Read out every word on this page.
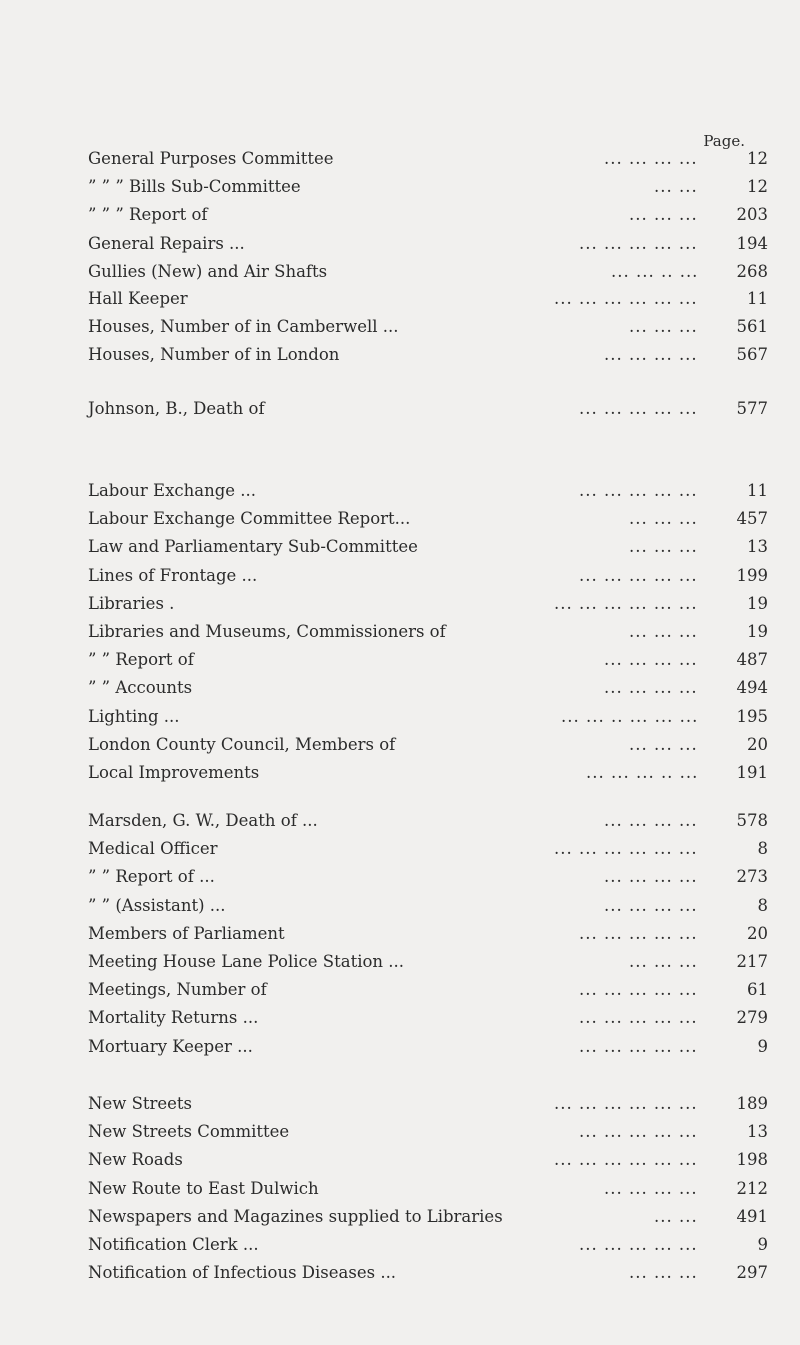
Page.
General Purposes Committee	... ... ... ...	12
” ” ” Bills Sub-Committee	... ...	12
” ” ” Report of	... ... ...	203
General Repairs ...	... ... ... ... ...	194
Gullies (New) and Air Shafts	... ... .. ...	268
Hall Keeper	... ... ... ... ... ...	11
Houses, Number of in Camberwell ...	... ... ...	561
Houses, Number of in London	... ... ... ...	567
Johnson, B., Death of	... ... ... ... ...	577
Labour Exchange ...	... ... ... ... ...	11
Labour Exchange Committee Report...	... ... ...	457
Law and Parliamentary Sub-Committee	... ... ...	13
Lines of Frontage ...	... ... ... ... ...	199
Libraries .	... ... ... ... ... ...	19
Libraries and Museums, Commissioners of	... ... ...	19
” ” Report of	... ... ... ...	487
” ” Accounts	... ... ... ...	494
Lighting ...	... ... .. ... ... ...	195
London County Council, Members of	... ... ...	20
Local Improvements	... ... ... .. ...	191
Marsden, G. W., Death of ...	... ... ... ...	578
Medical Officer	... ... ... ... ... ...	8
” ” Report of ...	... ... ... ...	273
” ” (Assistant) ...	... ... ... ...	8
Members of Parliament	... ... ... ... ...	20
Meeting House Lane Police Station ...	... ... ...	217
Meetings, Number of	... ... ... ... ...	61
Mortality Returns ...	... ... ... ... ...	279
Mortuary Keeper ...	... ... ... ... ...	9
New Streets	... ... ... ... ... ...	189
New Streets Committee	... ... ... ... ...	13
New Roads	... ... ... ... ... ...	198
New Route to East Dulwich	... ... ... ...	212
Newspapers and Magazines supplied to Libraries	... ...	491
Notification Clerk ...	... ... ... ... ...	9
Notification of Infectious Diseases ...	... ... ...	297
